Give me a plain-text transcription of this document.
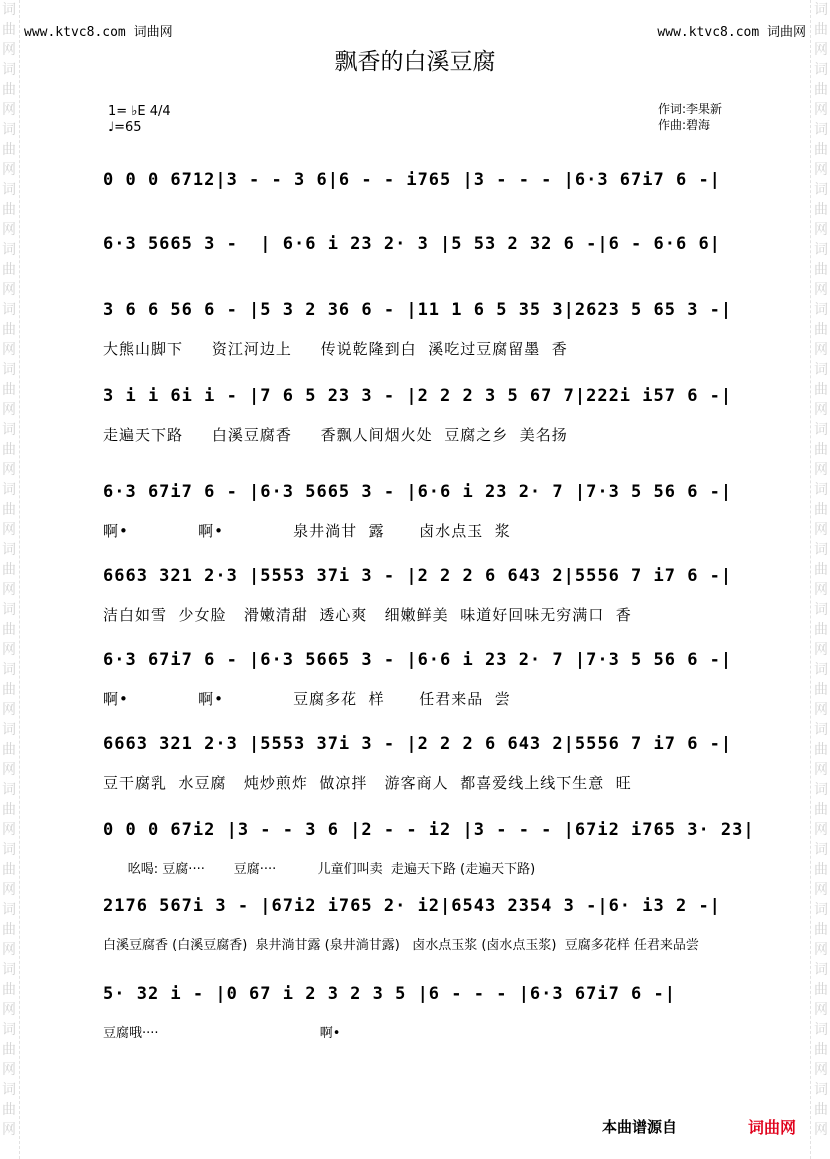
词
曲
网
词
曲
网
词
曲
网
词
曲
网
词
曲
网
词
曲
网
词
曲
网
词
曲
网
词
曲
网
词
曲
网
词
曲
网
词
曲
网
词
曲
网
词
曲
网
词
曲
网
词
曲
网
词
曲
网
词
曲
网
词
曲
网
词
曲
网
词
曲
网
词
曲
网
词
曲
网
词
曲
网
词
曲
网
词
曲
网
词
曲
网
词
曲
网
词
曲
网
词
曲
网
词
曲
网
词
曲
网
词
曲
网
词
曲
网
词
曲
网
词
曲
网
词
曲
网
词
曲
网
www.ktvc8.com 词曲网	www.ktvc8.com 词曲网
飘香的白溪豆腐
1= ♭E 4/4
♩=65
作词:李果新
作曲:碧海
0 0 0 6712|3 - - 3 6|6 - - i765 |3 - - - |6·3 67i7 6 -|
6·3 5665 3 -  | 6·6 i 23 2· 3 |5 53 2 32 6 -|6 - 6·6 6|
3 6 6 56 6 - |5 3 2 36 6 - |11 1 6 5 35 3|2623 5 65 3 -|
大熊山脚下     资江河边上     传说乾隆到白  溪吃过豆腐留墨  香
3 i i 6i i - |7 6 5 23 3 - |2 2 2 3 5 67 7|222i i57 6 -|
走遍天下路     白溪豆腐香     香飘人间烟火处  豆腐之乡  美名扬
6·3 67i7 6 - |6·3 5665 3 - |6·6 i 23 2· 7 |7·3 5 56 6 -|
啊•            啊•            泉井淌甘  露      卤水点玉  浆
6663 321 2·3 |5553 37i 3 - |2 2 2 6 643 2|5556 7 i7 6 -|
洁白如雪  少女脸   滑嫩清甜  透心爽   细嫩鲜美  味道好回味无穷满口  香
6·3 67i7 6 - |6·3 5665 3 - |6·6 i 23 2· 7 |7·3 5 56 6 -|
啊•            啊•            豆腐多花  样      任君来品  尝
6663 321 2·3 |5553 37i 3 - |2 2 2 6 643 2|5556 7 i7 6 -|
豆干腐乳  水豆腐   炖炒煎炸  做凉拌   游客商人  都喜爱线上线下生意  旺
0 0 0 67i2 |3 - - 3 6 |2 - - i2 |3 - - - |67i2 i765 3· 23|
吆喝: 豆腐····       豆腐····          儿童们叫卖  走遍天下路 (走遍天下路)
2176 567i 3 - |67i2 i765 2· i2|6543 2354 3 -|6· i3 2 -|
白溪豆腐香 (白溪豆腐香)  泉井淌甘露 (泉井淌甘露)   卤水点玉浆 (卤水点玉浆)  豆腐多花样 任君来品尝
5· 32 i - |0 67 i 2 3 2 3 5 |6 - - - |6·3 67i7 6 -|
豆腐哦····                                       啊•
本曲谱源自	词曲网
